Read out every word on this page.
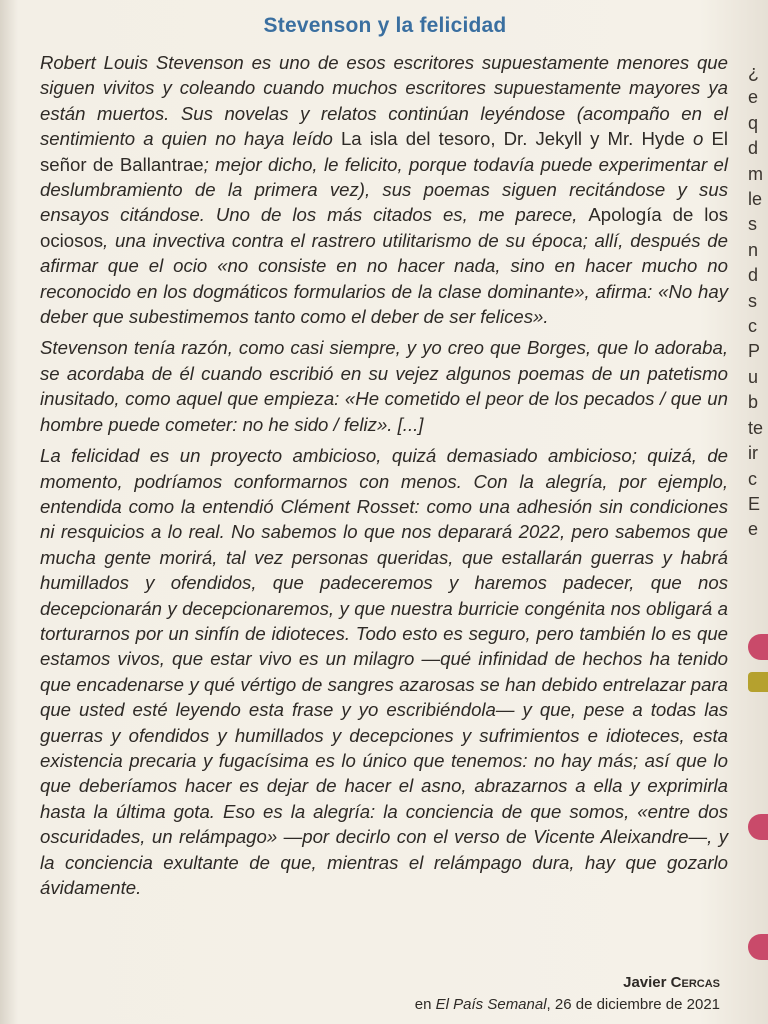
Stevenson y la felicidad

Robert Louis Stevenson es uno de esos escritores supuestamente menores que siguen vivitos y coleando cuando muchos escritores supuestamente mayores ya están muertos. Sus novelas y relatos continúan leyéndose (acompaño en el sentimiento a quien no haya leído La isla del tesoro, Dr. Jekyll y Mr. Hyde o El señor de Ballantrae; mejor dicho, le felicito, porque todavía puede experimentar el deslumbramiento de la primera vez), sus poemas siguen recitándose y sus ensayos citándose. Uno de los más citados es, me parece, Apología de los ociosos, una invectiva contra el rastrero utilitarismo de su época; allí, después de afirmar que el ocio «no consiste en no hacer nada, sino en hacer mucho no reconocido en los dogmáticos formularios de la clase dominante», afirma: «No hay deber que subestimemos tanto como el deber de ser felices».

Stevenson tenía razón, como casi siempre, y yo creo que Borges, que lo adoraba, se acordaba de él cuando escribió en su vejez algunos poemas de un patetismo inusitado, como aquel que empieza: «He cometido el peor de los pecados / que un hombre puede cometer: no he sido / feliz». [...]

La felicidad es un proyecto ambicioso, quizá demasiado ambicioso; quizá, de momento, podríamos conformarnos con menos. Con la alegría, por ejemplo, entendida como la entendió Clément Rosset: como una adhesión sin condiciones ni resquicios a lo real. No sabemos lo que nos deparará 2022, pero sabemos que mucha gente morirá, tal vez personas queridas, que estallarán guerras y habrá humillados y ofendidos, que padeceremos y haremos padecer, que nos decepcionarán y decepcionaremos, y que nuestra burricie congénita nos obligará a torturarnos por un sinfín de idioteces. Todo esto es seguro, pero también lo es que estamos vivos, que estar vivo es un milagro —qué infinidad de hechos ha tenido que encadenarse y qué vértigo de sangres azarosas se han debido entrelazar para que usted esté leyendo esta frase y yo escribiéndola— y que, pese a todas las guerras y ofendidos y humillados y decepciones y sufrimientos e idioteces, esta existencia precaria y fugacísima es lo único que tenemos: no hay más; así que lo que deberíamos hacer es dejar de hacer el asno, abrazarnos a ella y exprimirla hasta la última gota. Eso es la alegría: la conciencia de que somos, «entre dos oscuridades, un relámpago» —por decirlo con el verso de Vicente Aleixandre—, y la conciencia exultante de que, mientras el relámpago dura, hay que gozarlo ávidamente.

Javier Cercas
en El País Semanal, 26 de diciembre de 2021
¿
e
q
d
m
le
s
n
d
s
c
P
u
b
te
ir
c
E
e
